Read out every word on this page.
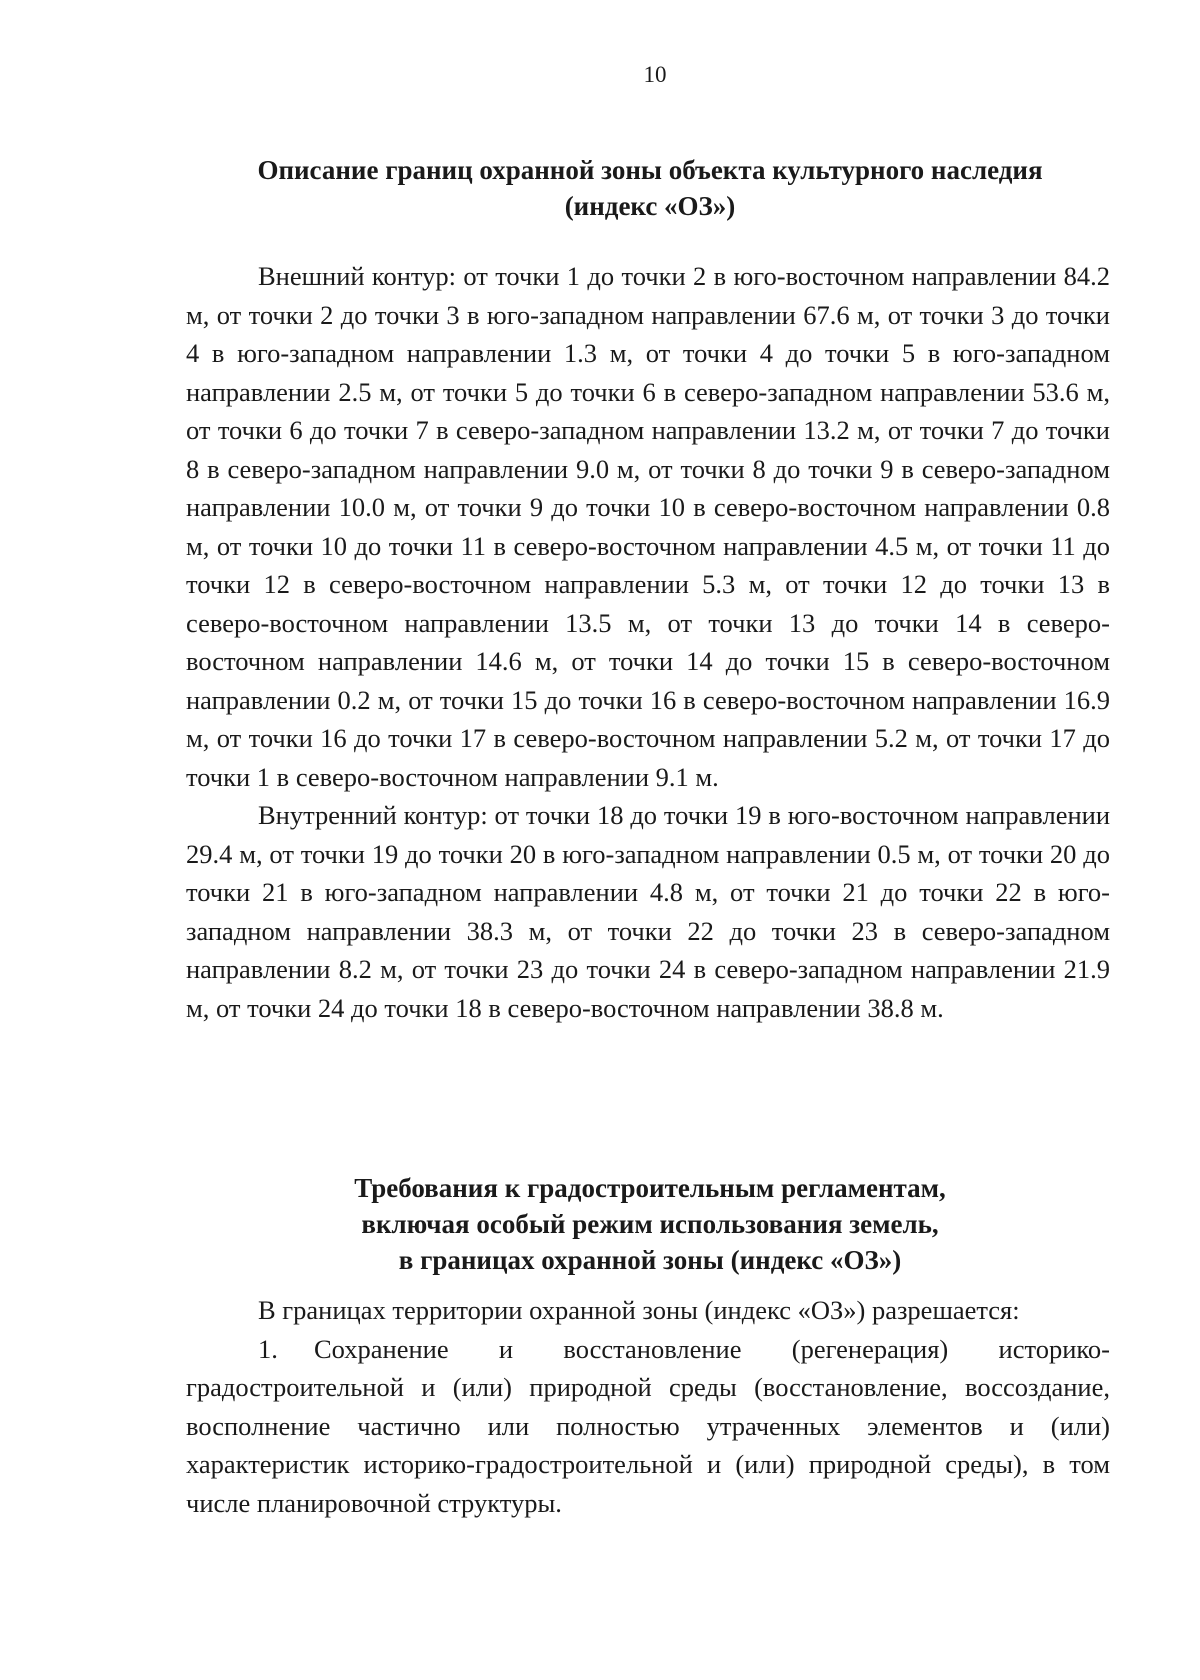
10
Описание границ охранной зоны объекта культурного наследия
(индекс «ОЗ»)

Внешний контур: от точки 1 до точки 2 в юго-восточном направлении 84.2 м, от точки 2 до точки 3 в юго-западном направлении 67.6 м, от точки 3 до точки 4 в юго-западном направлении 1.3 м, от точки 4 до точки 5 в юго-западном направлении 2.5 м, от точки 5 до точки 6 в северо-западном направлении 53.6 м, от точки 6 до точки 7 в северо-западном направлении 13.2 м, от точки 7 до точки 8 в северо-западном направлении 9.0 м, от точки 8 до точки 9 в северо-западном направлении 10.0 м, от точки 9 до точки 10 в северо-восточном направлении 0.8 м, от точки 10 до точки 11 в северо-восточном направлении 4.5 м, от точки 11 до точки 12 в северо-восточном направлении 5.3 м, от точки 12 до точки 13 в северо-восточном направлении 13.5 м, от точки 13 до точки 14 в северо-восточном направлении 14.6 м, от точки 14 до точки 15 в северо-восточном направлении 0.2 м, от точки 15 до точки 16 в северо-восточном направлении 16.9 м, от точки 16 до точки 17 в северо-восточном направлении 5.2 м, от точки 17 до точки 1 в северо-восточном направлении 9.1 м.

Внутренний контур: от точки 18 до точки 19 в юго-восточном направлении 29.4 м, от точки 19 до точки 20 в юго-западном направлении 0.5 м, от точки 20 до точки 21 в юго-западном направлении 4.8 м, от точки 21 до точки 22 в юго-западном направлении 38.3 м, от точки 22 до точки 23 в северо-западном направлении 8.2 м, от точки 23 до точки 24 в северо-западном направлении 21.9 м, от точки 24 до точки 18 в северо-восточном направлении 38.8 м.

Требования к градостроительным регламентам,
включая особый режим использования земель,
в границах охранной зоны (индекс «ОЗ»)

В границах территории охранной зоны (индекс «ОЗ») разрешается:

1. Сохранение и восстановление (регенерация) историко-градостроительной и (или) природной среды (восстановление, воссоздание, восполнение частично или полностью утраченных элементов и (или) характеристик историко-градостроительной и (или) природной среды), в том числе планировочной структуры.
